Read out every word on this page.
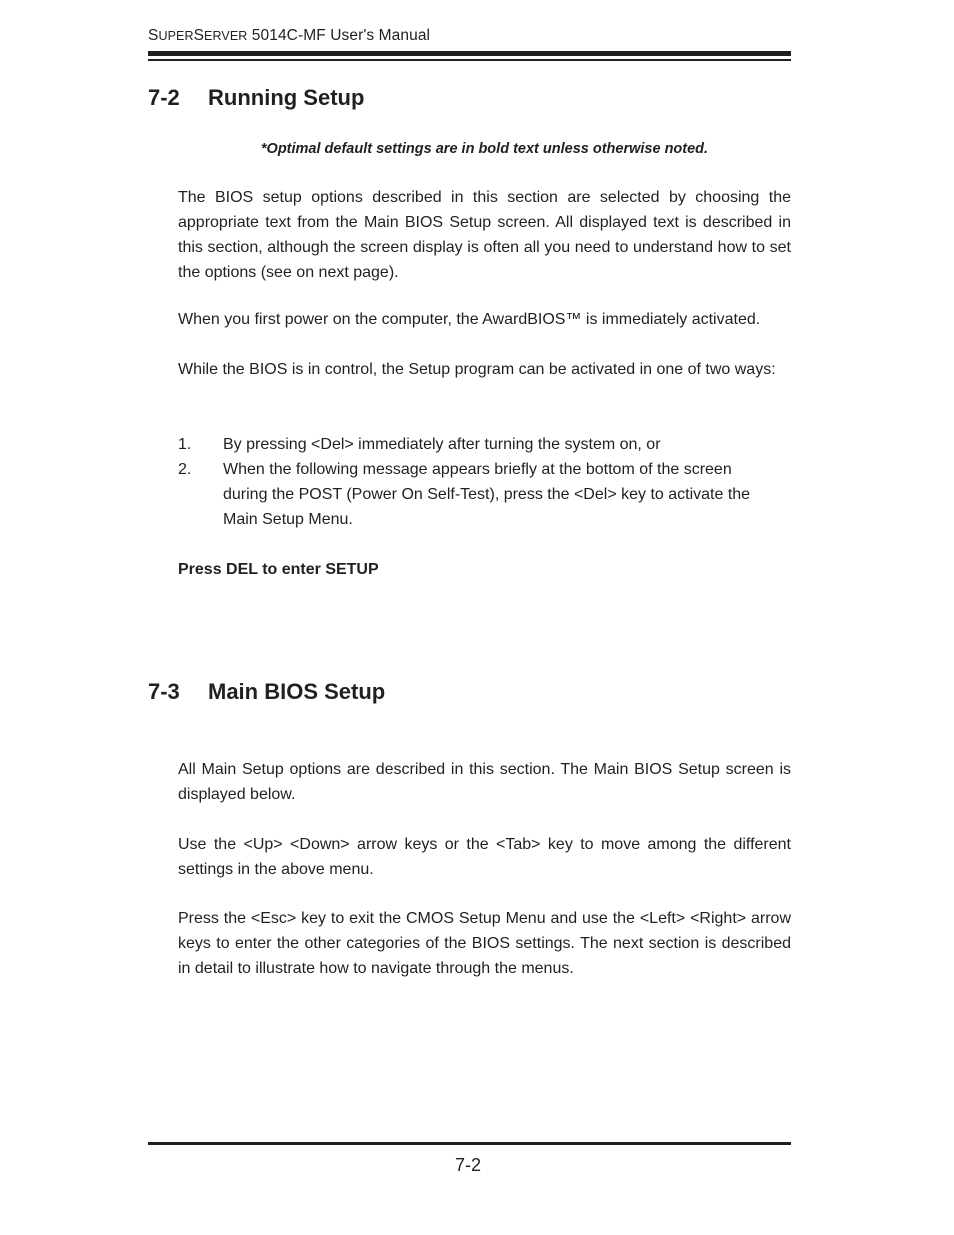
SUPERSERVER 5014C-MF User's Manual
7-2 Running Setup
*Optimal default settings are in bold text unless otherwise noted.
The BIOS setup options described in this section are selected by choosing the appropriate text from the Main BIOS Setup screen. All displayed text is described in this section, although the screen display is often all you need to understand how to set the options (see on next page).
When you first power on the computer, the AwardBIOS™ is immediately activated.
While the BIOS is in control, the Setup program can be activated in one of two ways:
1. By pressing <Del> immediately after turning the system on, or
2. When the following message appears briefly at the bottom of the screen during the POST (Power On Self-Test), press the <Del> key to activate the Main Setup Menu.
Press DEL to enter SETUP
7-3 Main BIOS Setup
All Main Setup options are described in this section. The Main BIOS Setup screen is displayed below.
Use the <Up> <Down> arrow keys or the <Tab> key to move among the different settings in the above menu.
Press the <Esc> key to exit the CMOS Setup Menu and use the <Left> <Right> arrow keys to enter the other categories of the BIOS settings. The next section is described in detail to illustrate how to navigate through the menus.
7-2
